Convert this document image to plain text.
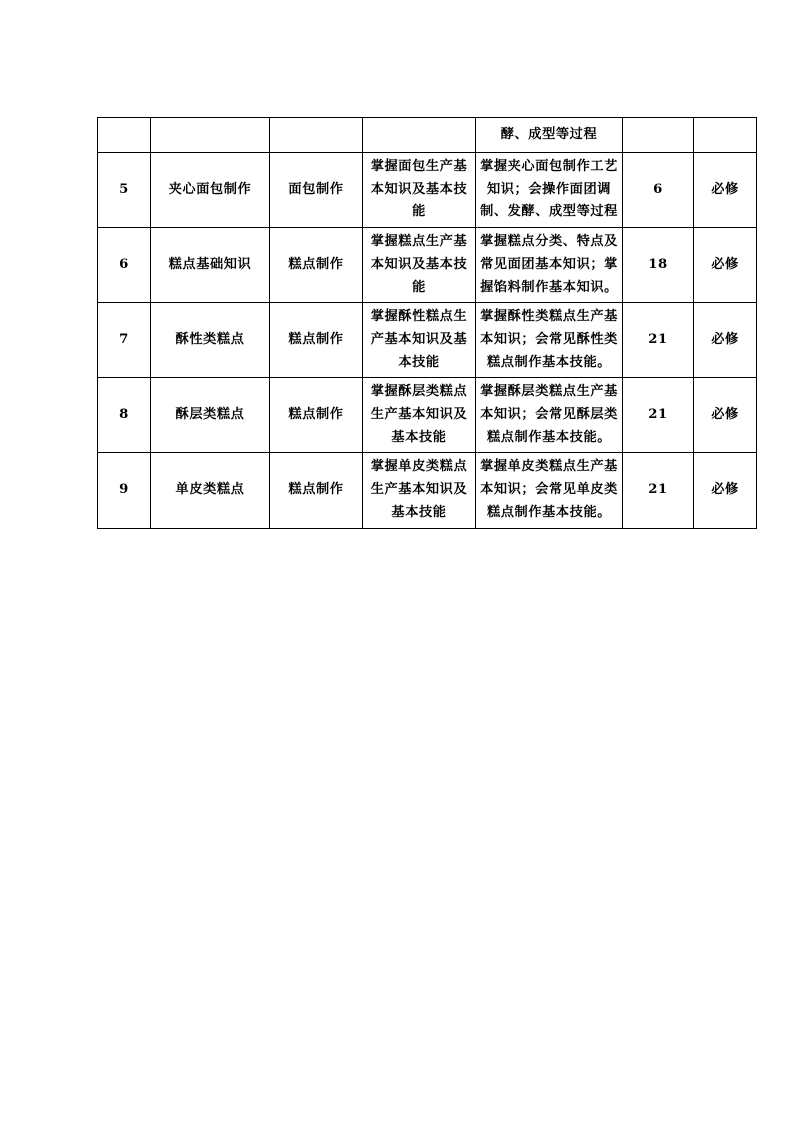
				酵、成型等过程		
5	夹心面包制作	面包制作	掌握面包生产基本知识及基本技能	掌握夹心面包制作工艺知识；会操作面团调制、发酵、成型等过程	6	必修
6	糕点基础知识	糕点制作	掌握糕点生产基本知识及基本技能	掌握糕点分类、特点及常见面团基本知识；掌握馅料制作基本知识。	18	必修
7	酥性类糕点	糕点制作	掌握酥性糕点生产基本知识及基本技能	掌握酥性类糕点生产基本知识；会常见酥性类糕点制作基本技能。	21	必修
8	酥层类糕点	糕点制作	掌握酥层类糕点生产基本知识及基本技能	掌握酥层类糕点生产基本知识；会常见酥层类糕点制作基本技能。	21	必修
9	单皮类糕点	糕点制作	掌握单皮类糕点生产基本知识及基本技能	掌握单皮类糕点生产基本知识；会常见单皮类糕点制作基本技能。	21	必修
